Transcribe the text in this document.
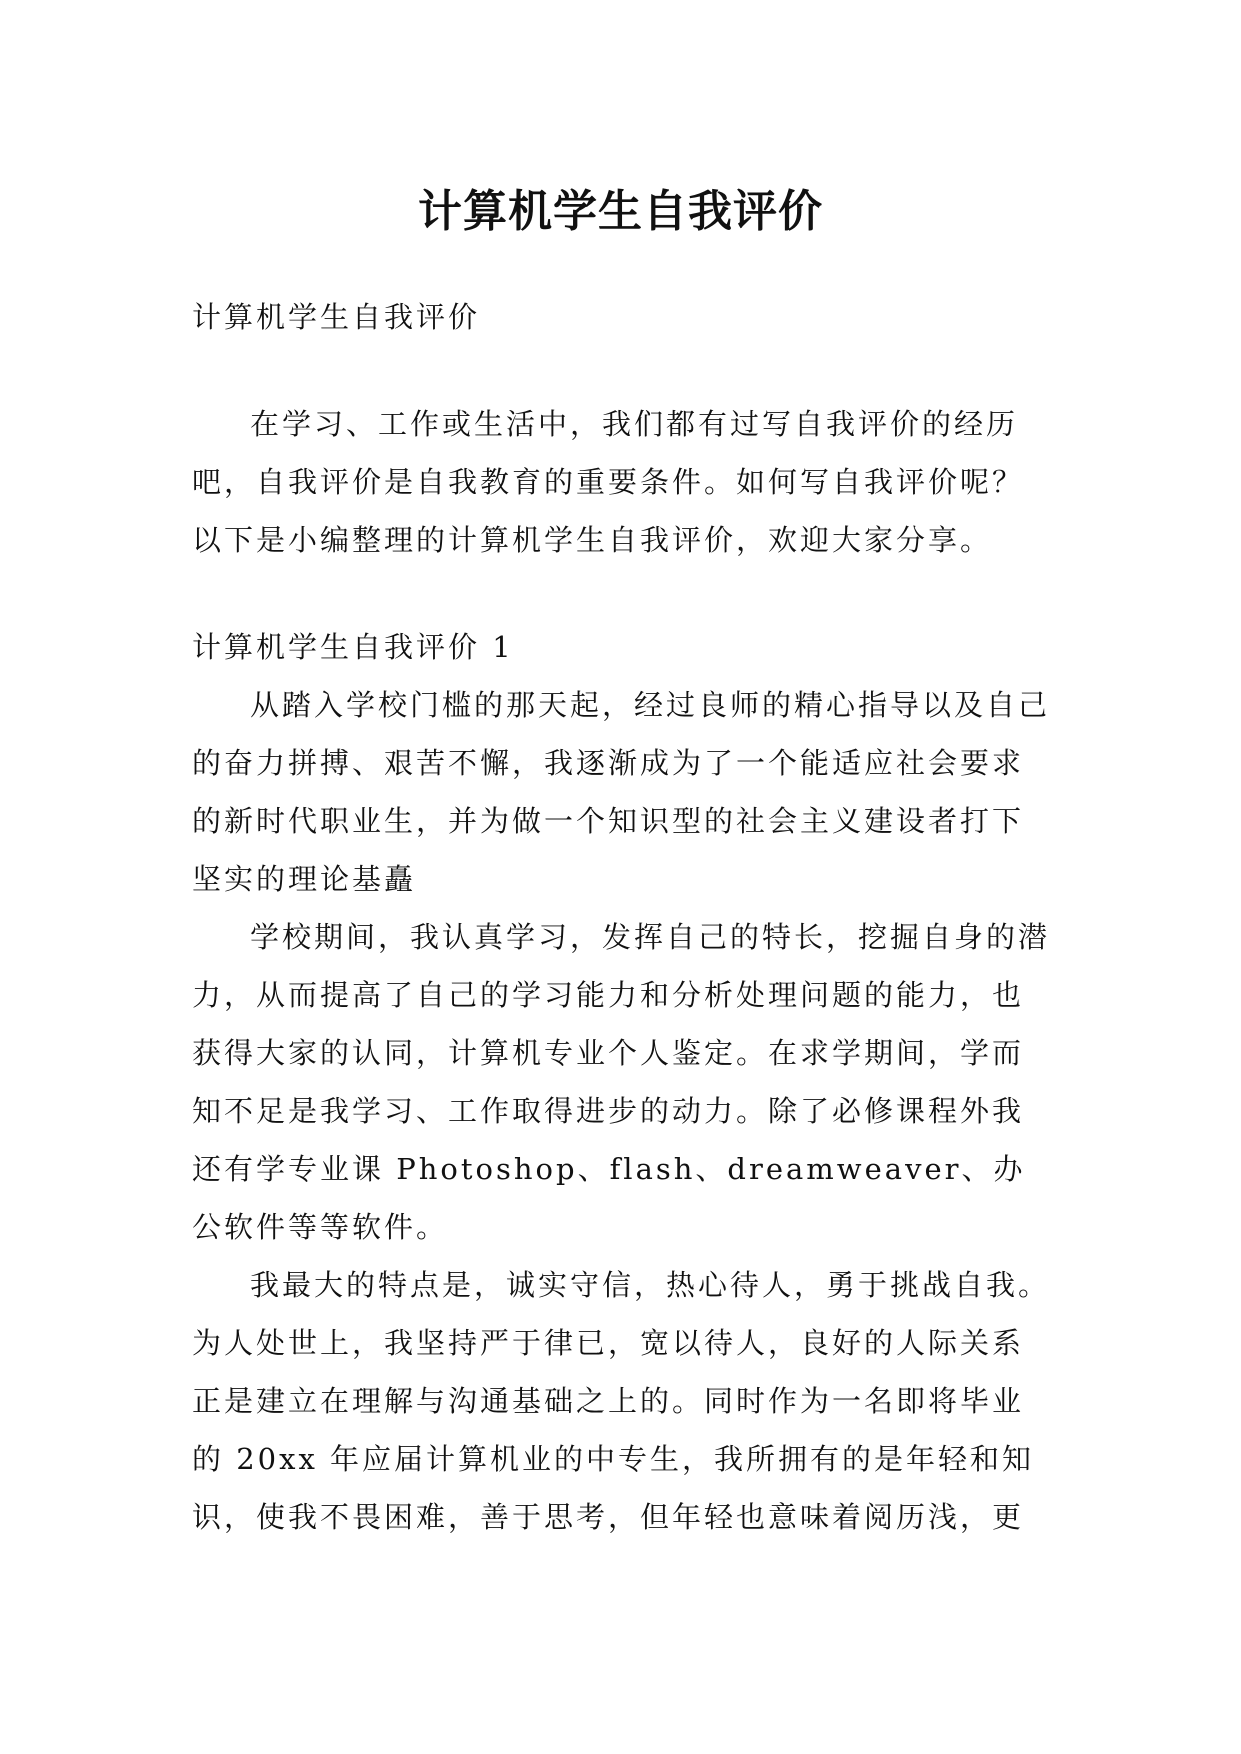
计算机学生自我评价

计算机学生自我评价

在学习、工作或生活中，我们都有过写自我评价的经历吧，自我评价是自我教育的重要条件。如何写自我评价呢？以下是小编整理的计算机学生自我评价，欢迎大家分享。

计算机学生自我评价 1

从踏入学校门槛的那天起，经过良师的精心指导以及自己的奋力拼搏、艰苦不懈，我逐渐成为了一个能适应社会要求的新时代职业生，并为做一个知识型的社会主义建设者打下坚实的理论基矗

学校期间，我认真学习，发挥自己的特长，挖掘自身的潜力，从而提高了自己的学习能力和分析处理问题的能力，也获得大家的认同，计算机专业个人鉴定。在求学期间，学而知不足是我学习、工作取得进步的动力。除了必修课程外我还有学专业课 Photoshop、flash、dreamweaver、办公软件等等软件。

我最大的特点是，诚实守信，热心待人，勇于挑战自我。为人处世上，我坚持严于律已，宽以待人，良好的人际关系正是建立在理解与沟通基础之上的。同时作为一名即将毕业的 20xx 年应届计算机业的中专生，我所拥有的是年轻和知识，使我不畏困难，善于思考，但年轻也意味着阅历浅，更
